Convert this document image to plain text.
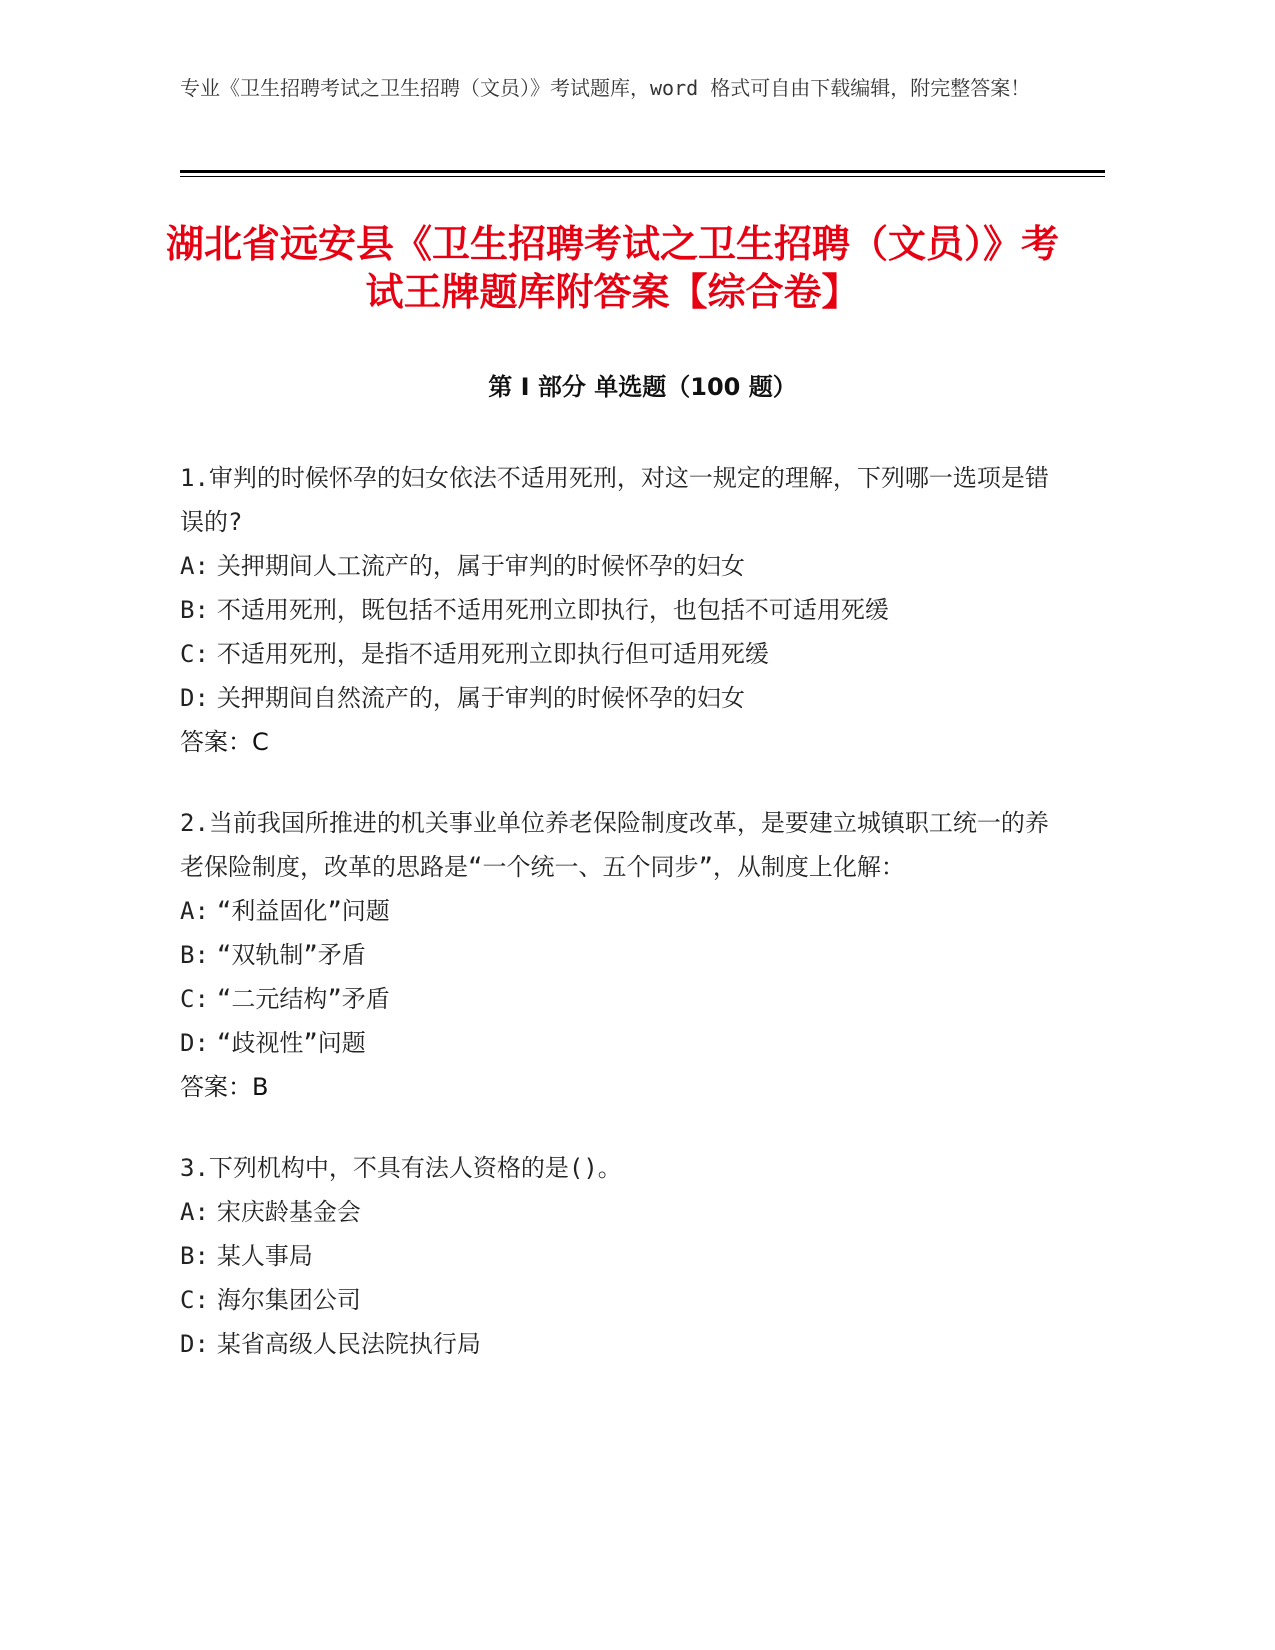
专业《卫生招聘考试之卫生招聘（文员）》考试题库，word 格式可自由下载编辑，附完整答案！
湖北省远安县《卫生招聘考试之卫生招聘（文员）》考试王牌题库附答案【综合卷】
第 I 部分 单选题（100 题）
1.审判的时候怀孕的妇女依法不适用死刑，对这一规定的理解，下列哪一选项是错误的?
A: 关押期间人工流产的，属于审判的时候怀孕的妇女
B: 不适用死刑，既包括不适用死刑立即执行，也包括不可适用死缓
C: 不适用死刑，是指不适用死刑立即执行但可适用死缓
D: 关押期间自然流产的，属于审判的时候怀孕的妇女
答案：C
2.当前我国所推进的机关事业单位养老保险制度改革，是要建立城镇职工统一的养老保险制度，改革的思路是“一个统一、五个同步”，从制度上化解：
A: “利益固化”问题
B: “双轨制”矛盾
C: “二元结构”矛盾
D: “歧视性”问题
答案：B
3.下列机构中，不具有法人资格的是()。
A: 宋庆龄基金会
B: 某人事局
C: 海尔集团公司
D: 某省高级人民法院执行局
